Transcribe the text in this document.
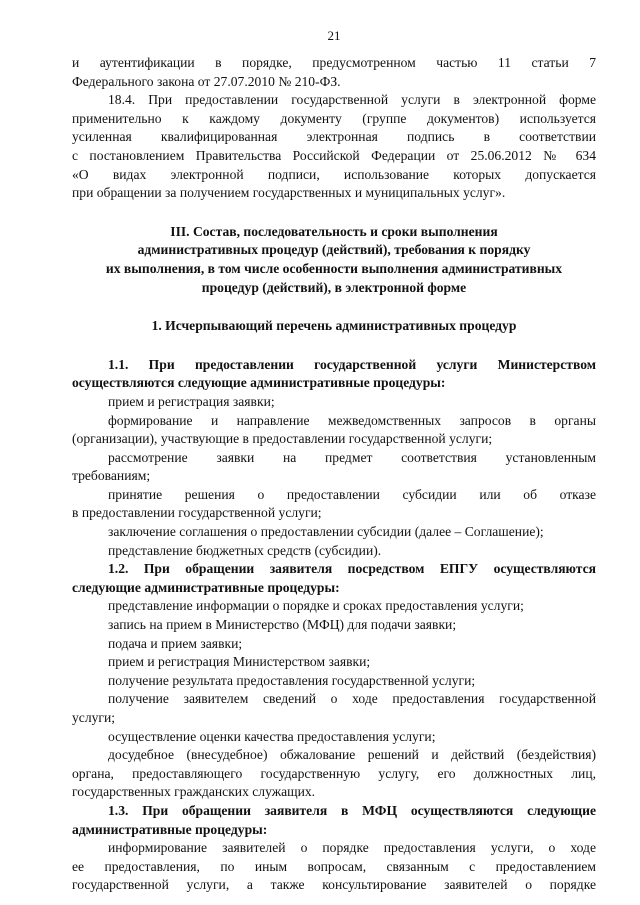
21

и аутентификации в порядке, предусмотренном частью 11 статьи 7

Федерального закона от 27.07.2010 № 210-ФЗ.

18.4. При предоставлении государственной услуги в электронной форме

применительно к каждому документу (группе документов) используется

усиленная квалифицированная электронная подпись в соответствии

с постановлением Правительства Российской Федерации от 25.06.2012 № 634

«О видах электронной подписи, использование которых допускается

при обращении за получением государственных и муниципальных услуг».

III. Состав, последовательность и сроки выполнения
административных процедур (действий), требования к порядку
их выполнения, в том числе особенности выполнения административных
процедур (действий), в электронной форме
1. Исчерпывающий перечень административных процедур

1.1. При предоставлении государственной услуги Министерством

осуществляются следующие административные процедуры:

прием и регистрация заявки;

формирование и направление межведомственных запросов в органы

(организации), участвующие в предоставлении государственной услуги;

рассмотрение заявки на предмет соответствия установленным

требованиям;

принятие решения о предоставлении субсидии или об отказе

в предоставлении государственной услуги;

заключение соглашения о предоставлении субсидии (далее – Соглашение);

представление бюджетных средств (субсидии).

1.2. При обращении заявителя посредством ЕПГУ осуществляются

следующие административные процедуры:

представление информации о порядке и сроках предоставления услуги;

запись на прием в Министерство (МФЦ) для подачи заявки;

подача и прием заявки;

прием и регистрация Министерством заявки;

получение результата предоставления государственной услуги;

получение заявителем сведений о ходе предоставления государственной

услуги;

осуществление оценки качества предоставления услуги;

досудебное (внесудебное) обжалование решений и действий (бездействия)

органа, предоставляющего государственную услугу, его должностных лиц,

государственных гражданских служащих.

1.3. При обращении заявителя в МФЦ осуществляются следующие

административные процедуры:

информирование заявителей о порядке предоставления услуги, о ходе

ее предоставления, по иным вопросам, связанным с предоставлением

государственной услуги, а также консультирование заявителей о порядке
